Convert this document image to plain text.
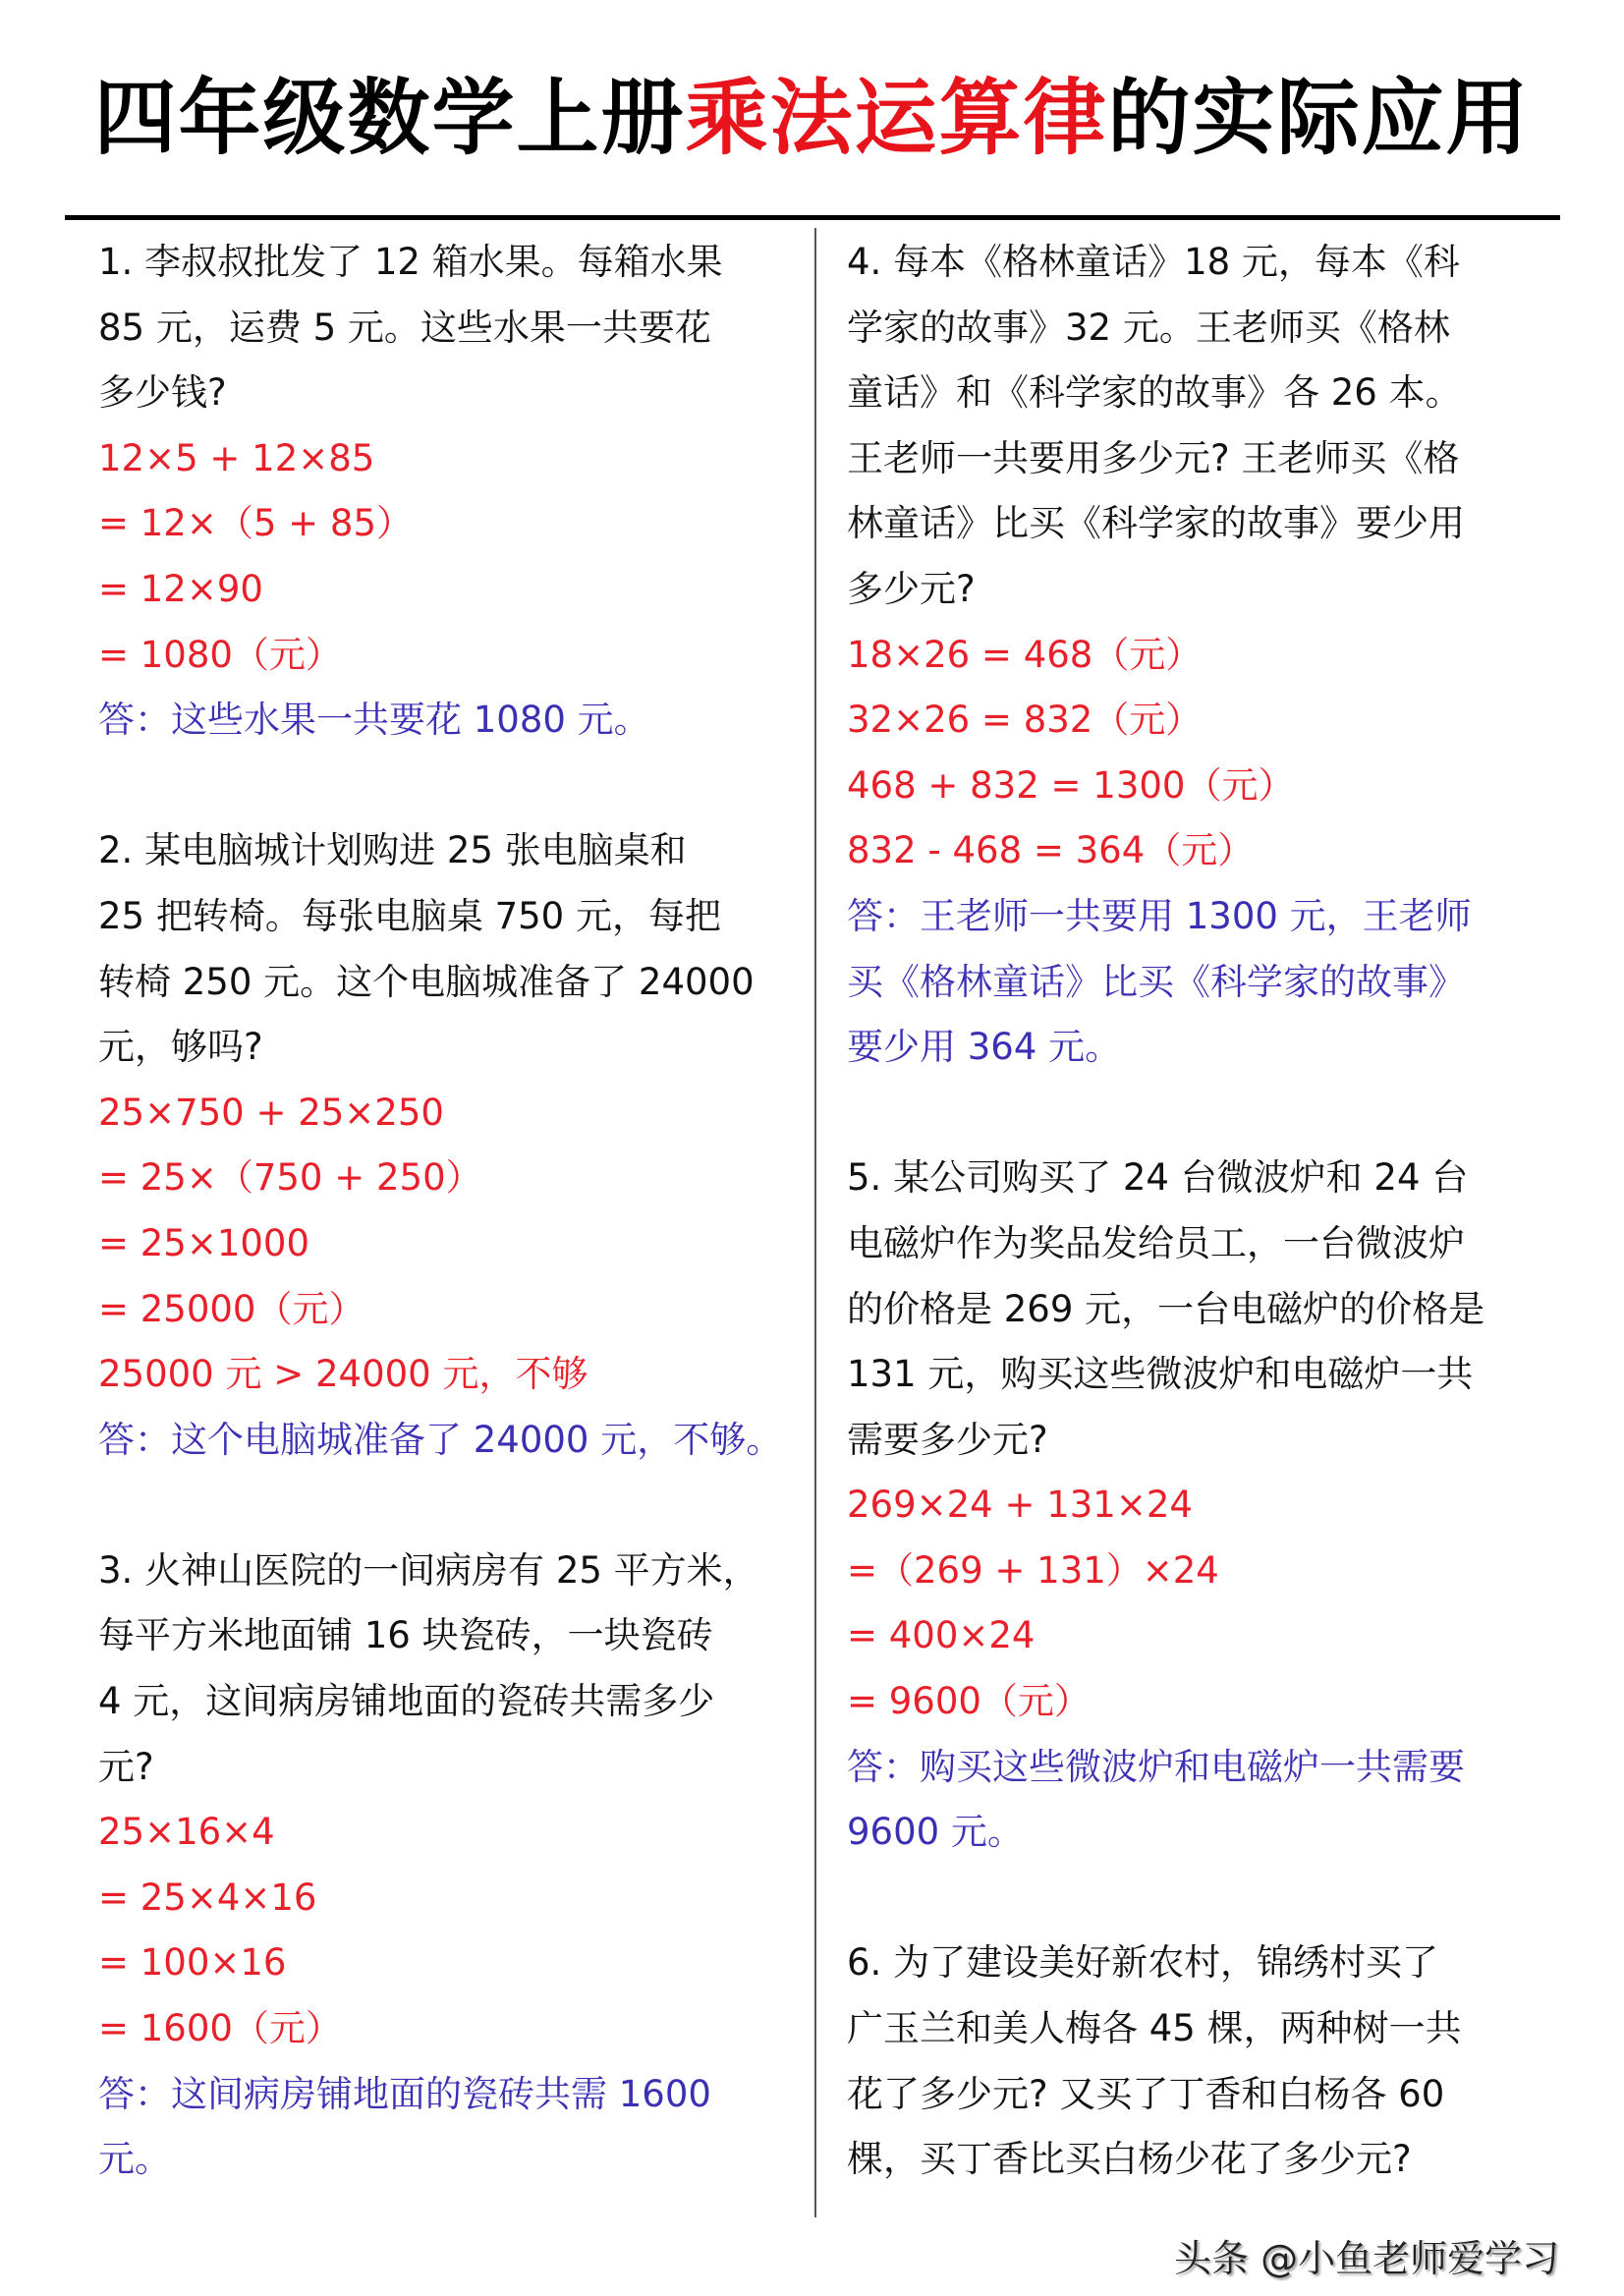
四年级数学上册乘法运算律的实际应用
1. 李叔叔批发了 12 箱水果。每箱水果
85 元，运费 5 元。这些水果一共要花
多少钱?
12×5 + 12×85
= 12×（5 + 85）
= 12×90
= 1080（元）
答：这些水果一共要花 1080 元。
2. 某电脑城计划购进 25 张电脑桌和
25 把转椅。每张电脑桌 750 元，每把
转椅 250 元。这个电脑城准备了 24000
元，够吗?
25×750 + 25×250
= 25×（750 + 250）
= 25×1000
= 25000（元）
25000 元 > 24000 元，不够
答：这个电脑城准备了 24000 元，不够。
3. 火神山医院的一间病房有 25 平方米，
每平方米地面铺 16 块瓷砖，一块瓷砖
4 元，这间病房铺地面的瓷砖共需多少
元?
25×16×4
= 25×4×16
= 100×16
= 1600（元）
答：这间病房铺地面的瓷砖共需 1600
元。
4. 每本《格林童话》18 元，每本《科
学家的故事》32 元。王老师买《格林
童话》和《科学家的故事》各 26 本。
王老师一共要用多少元? 王老师买《格
林童话》比买《科学家的故事》要少用
多少元?
18×26 = 468（元）
32×26 = 832（元）
468 + 832 = 1300（元）
832 - 468 = 364（元）
答：王老师一共要用 1300 元，王老师
买《格林童话》比买《科学家的故事》
要少用 364 元。
5. 某公司购买了 24 台微波炉和 24 台
电磁炉作为奖品发给员工，一台微波炉
的价格是 269 元，一台电磁炉的价格是
131 元，购买这些微波炉和电磁炉一共
需要多少元?
269×24 + 131×24
=（269 + 131）×24
= 400×24
= 9600（元）
答：购买这些微波炉和电磁炉一共需要
9600 元。
6. 为了建设美好新农村，锦绣村买了
广玉兰和美人梅各 45 棵，两种树一共
花了多少元? 又买了丁香和白杨各 60
棵，买丁香比买白杨少花了多少元?
头条 @小鱼老师爱学习
